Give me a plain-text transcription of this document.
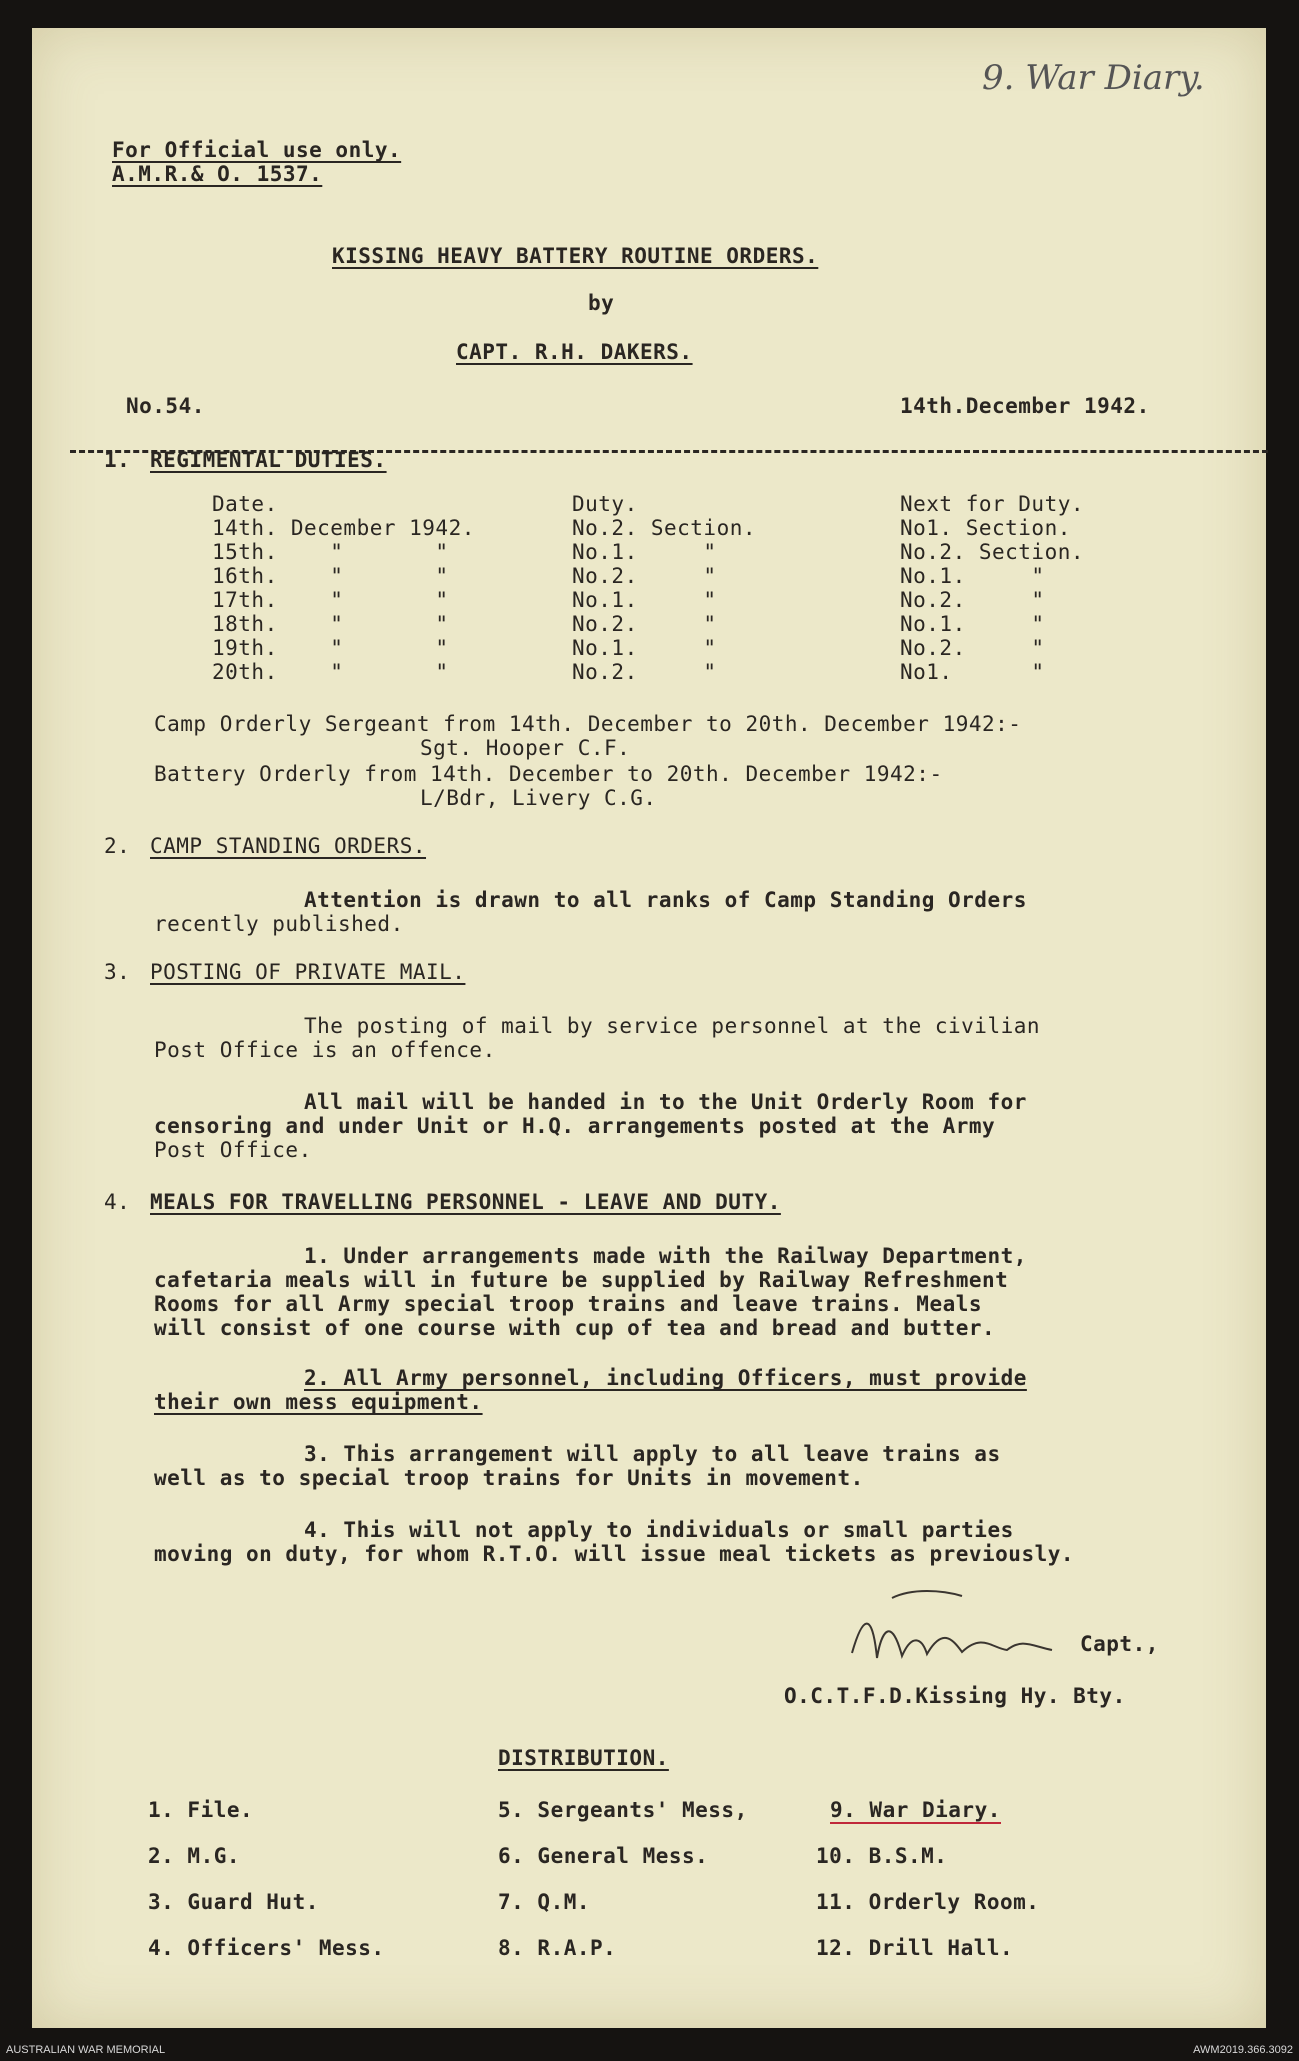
9. War Diary.
For Official use only.
A.M.R.& O. 1537.
KISSING HEAVY BATTERY ROUTINE ORDERS.
by
CAPT. R.H. DAKERS.
No.54.	14th.December 1942.
1. REGIMENTAL DUTIES.
Date.	Duty.	Next for Duty.
14th. December 1942.	No.2. Section.	No1. Section.
15th.    "       "	No.1.     "	No.2. Section.
16th.    "       "	No.2.     "	No.1.     "
17th.    "       "	No.1.     "	No.2.     "
18th.    "       "	No.2.     "	No.1.     "
19th.    "       "	No.1.     "	No.2.     "
20th.    "       "	No.2.     "	No1.      "
Camp Orderly Sergeant from 14th. December to 20th. December 1942:-
Sgt. Hooper C.F.
Battery Orderly from 14th. December to 20th. December 1942:-
L/Bdr, Livery C.G.
2. CAMP STANDING ORDERS.
Attention is drawn to all ranks of Camp Standing Orders
recently published.
3. POSTING OF PRIVATE MAIL.
The posting of mail by service personnel at the civilian
Post Office is an offence.
All mail will be handed in to the Unit Orderly Room for
censoring and under Unit or H.Q. arrangements posted at the Army
Post Office.
4. MEALS FOR TRAVELLING PERSONNEL - LEAVE AND DUTY.
1. Under arrangements made with the Railway Department,
cafetaria meals will in future be supplied by Railway Refreshment
Rooms for all Army special troop trains and leave trains. Meals
will consist of one course with cup of tea and bread and butter.
2. All Army personnel, including Officers, must provide
their own mess equipment.
3. This arrangement will apply to all leave trains as
well as to special troop trains for Units in movement.
4. This will not apply to individuals or small parties
moving on duty, for whom R.T.O. will issue meal tickets as previously.
Capt.,
O.C.T.F.D.Kissing Hy. Bty.
DISTRIBUTION.
1. File.
2. M.G.
3. Guard Hut.
4. Officers' Mess.
5. Sergeants' Mess,
6. General Mess.
7. Q.M.
8. R.A.P.
9. War Diary.
10. B.S.M.
11. Orderly Room.
12. Drill Hall.
AUSTRALIAN WAR MEMORIAL	AWM2019.366.3092
